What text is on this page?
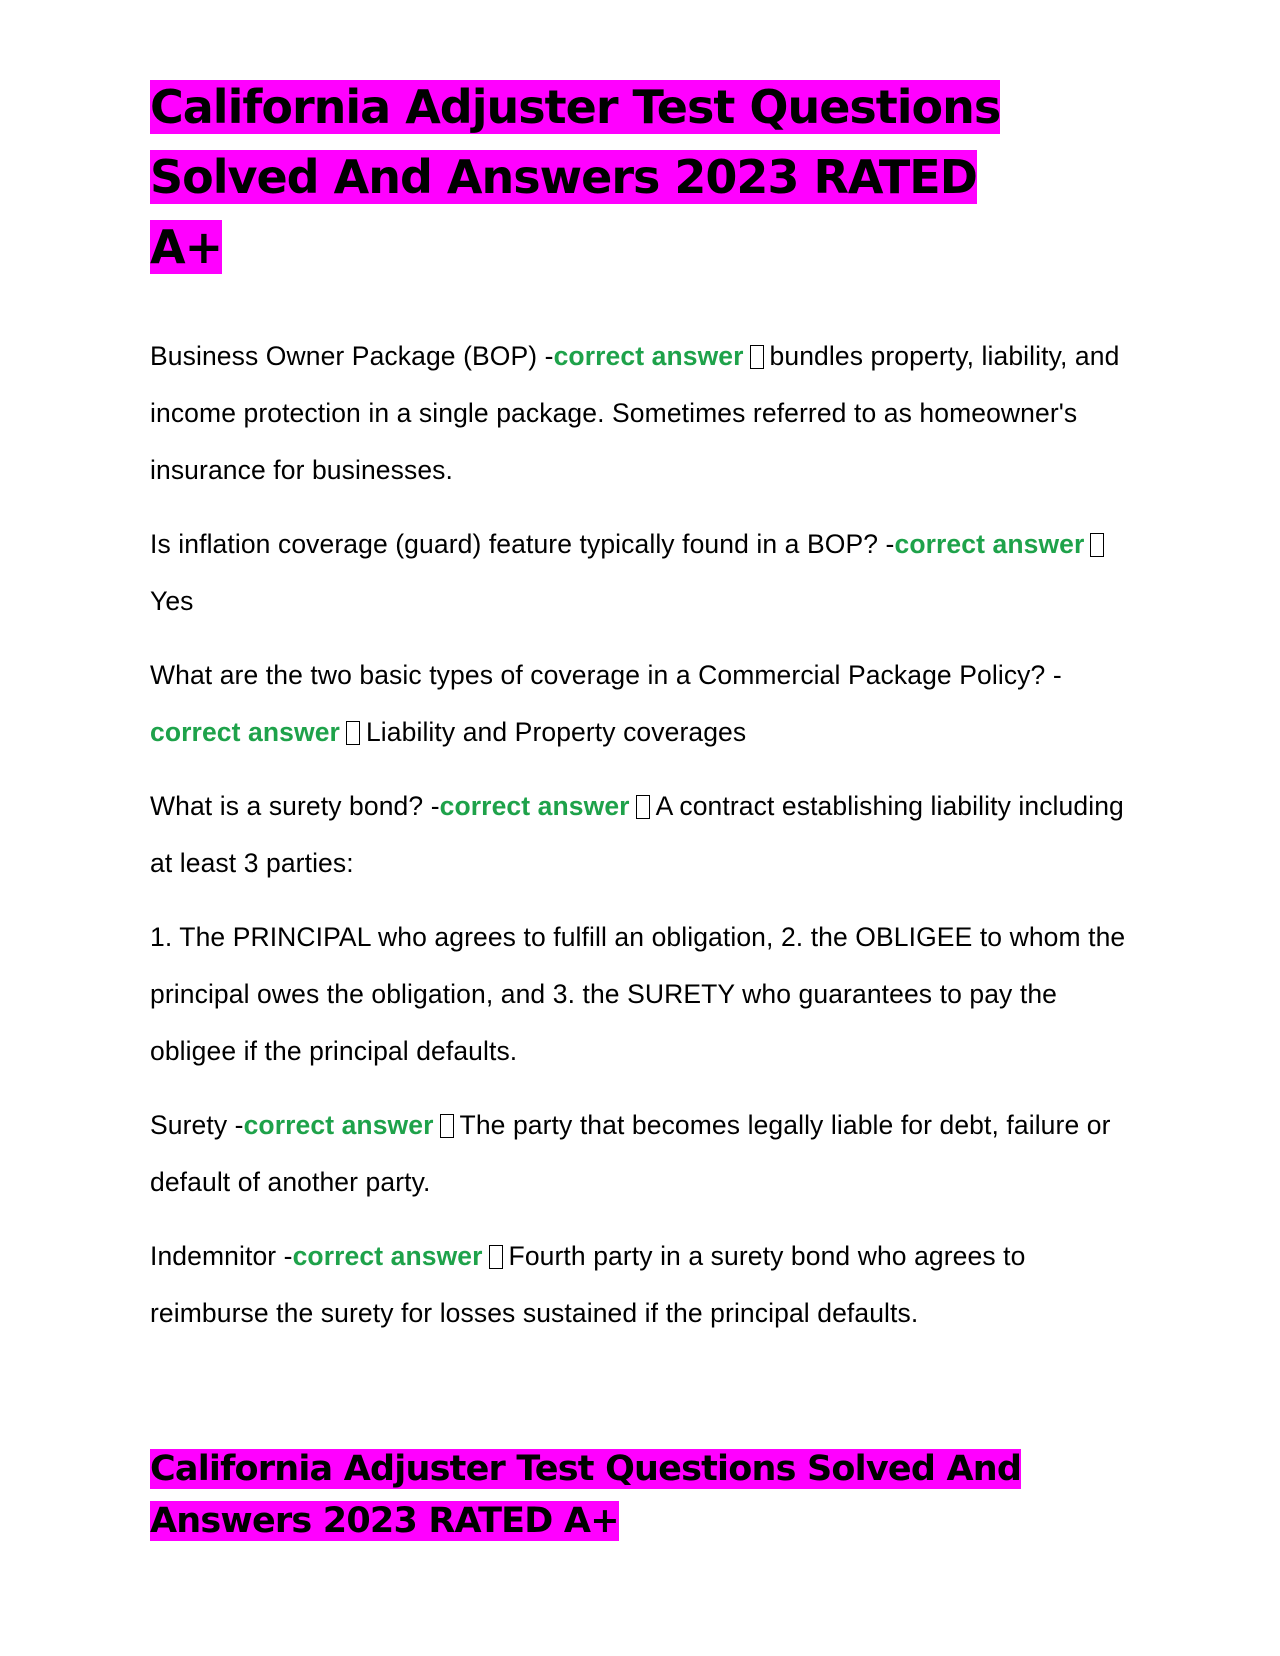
California Adjuster Test Questions Solved And Answers 2023 RATED A+

Business Owner Package (BOP) -correct answer bundles property, liability, and income protection in a single package. Sometimes referred to as homeowner's insurance for businesses.

Is inflation coverage (guard) feature typically found in a BOP? -correct answerYes

What are the two basic types of coverage in a Commercial Package Policy? -correct answer Liability and Property coverages

What is a surety bond? -correct answer A contract establishing liability including at least 3 parties:

1. The PRINCIPAL who agrees to fulfill an obligation, 2. the OBLIGEE to whom the principal owes the obligation, and 3. the SURETY who guarantees to pay the obligee if the principal defaults.

Surety -correct answer The party that becomes legally liable for debt, failure or default of another party.

Indemnitor -correct answer Fourth party in a surety bond who agrees to reimburse the surety for losses sustained if the principal defaults.

California Adjuster Test Questions Solved And Answers 2023 RATED A+
